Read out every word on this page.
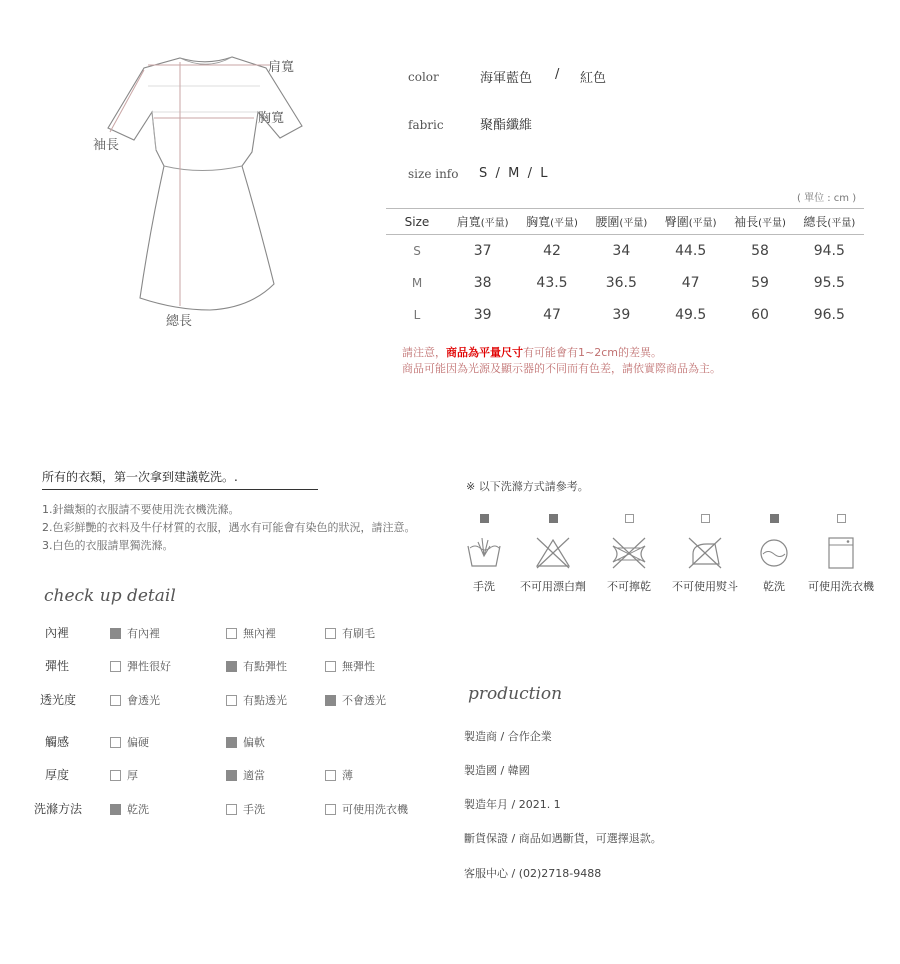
肩寬
胸寬
袖長
總長
color	海軍藍色 / 紅色
fabric	聚酯纖維
size info S  /  M  /  L
( 單位 : cm )
Size	肩寬(平量)	胸寬(平量)	腰圍(平量)	臀圍(平量)	袖長(平量)	總長(平量)
S	37	42	34	44.5	58	94.5
M	38	43.5	36.5	47	59	95.5
L	39	47	39	49.5	60	96.5
請注意，商品為平量尺寸有可能會有1~2cm的差異。
商品可能因為光源及顯示器的不同而有色差，請依實際商品為主。
所有的衣類，第一次拿到建議乾洗。.
1.針織類的衣服請不要使用洗衣機洗滌。
2.色彩鮮艷的衣料及牛仔材質的衣服，遇水有可能會有染色的狀況，請注意。
3.白色的衣服請單獨洗滌。
check up detail
內裡	有內裡	無內裡	有刷毛
彈性	彈性很好	有點彈性	無彈性
透光度	會透光	有點透光	不會透光
觸感	偏硬	偏軟
厚度	厚	適當	薄
洗滌方法	乾洗	手洗	可使用洗衣機
※ 以下洗滌方式請參考。
手洗 不可用漂白劑 不可擰乾 不可使用熨斗 乾洗 可使用洗衣機
production
製造商 / 合作企業
製造國 / 韓國
製造年月 / 2021. 1
斷貨保證 / 商品如遇斷貨，可選擇退款。
客服中心 / (02)2718-9488
